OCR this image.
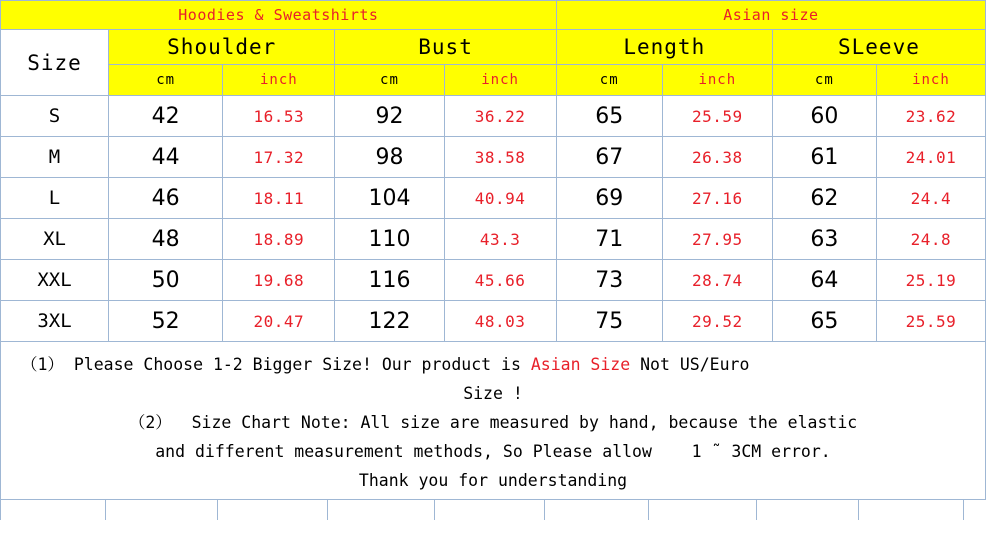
Hoodies & Sweatshirts					Asian size			
Size	Shoulder		Bust		Length		SLeeve	
	cm	inch	cm	inch	cm	inch	cm	inch
S	42	16.53	92	36.22	65	25.59	60	23.62
M	44	17.32	98	38.58	67	26.38	61	24.01
L	46	18.11	104	40.94	69	27.16	62	24.4
XL	48	18.89	110	43.3	71	27.95	63	24.8
XXL	50	19.68	116	45.66	73	28.74	64	25.19
3XL	52	20.47	122	48.03	75	29.52	65	25.59
（1） Please Choose 1-2 Bigger Size! Our product is Asian Size Not US/Euro
Size !
（2）  Size Chart Note: All size are measured by hand, because the elastic
and different measurement methods, So Please allow    1 ˜ 3CM error.
Thank you for understanding
